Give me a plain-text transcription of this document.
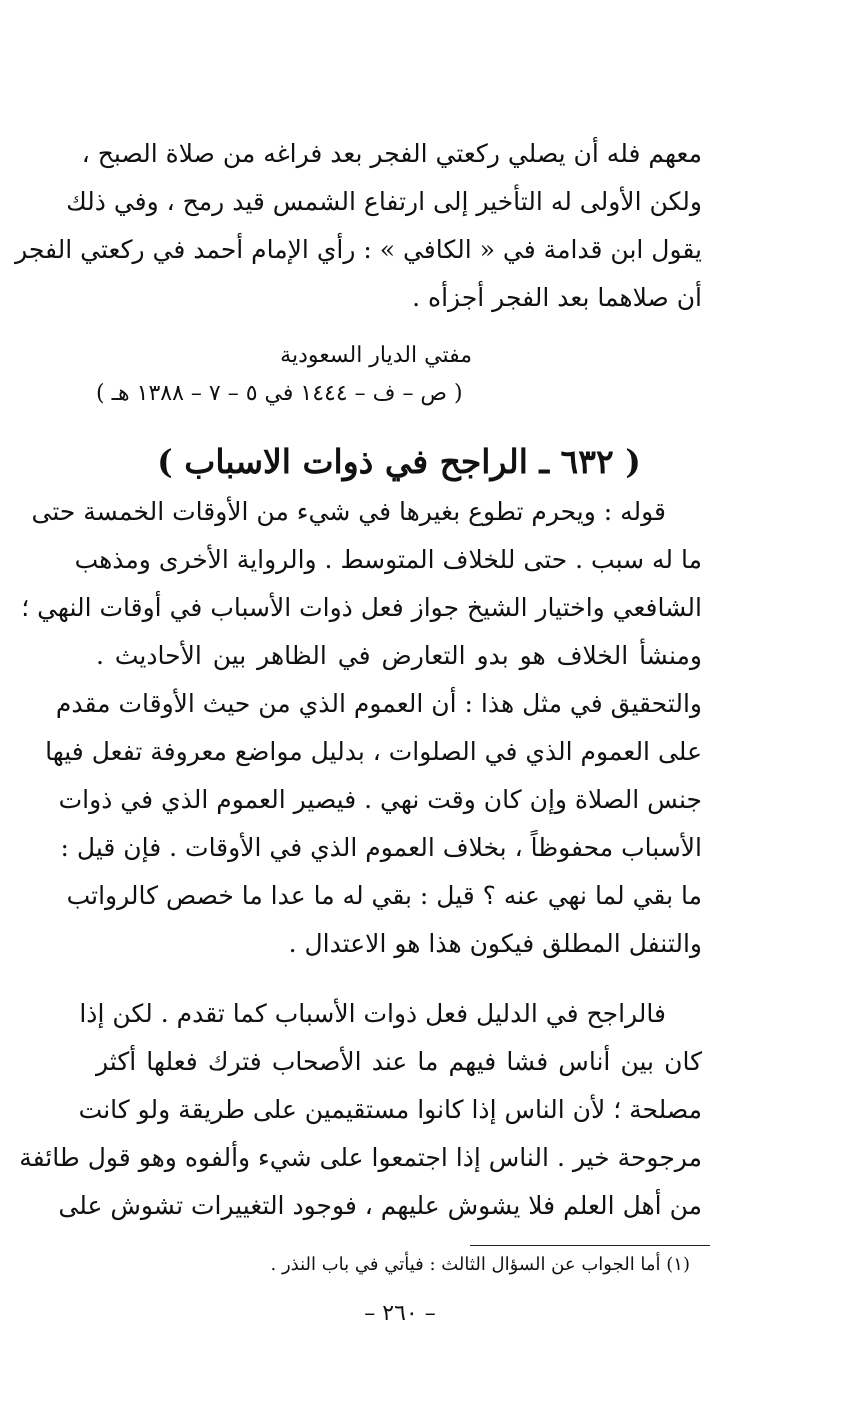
معهم فله أن يصلي ركعتي الفجر بعد فراغه من صلاة الصبح ،
ولكن الأولى له التأخير إلى ارتفاع الشمس قيد رمح ، وفي ذلك
يقول ابن قدامة في « الكافي » : رأي الإمام أحمد في ركعتي الفجر
أن صلاهما بعد الفجر أجزأه .
مفتي الديار السعودية
( ص – ف – ١٤٤٤ في ٥ – ٧ – ١٣٨٨ هـ )
( ٦٣٢ ـ الراجح في ذوات الاسباب )
قوله : ويحرم تطوع بغيرها في شيء من الأوقات الخمسة حتى
ما له سبب . حتى للخلاف المتوسط . والرواية الأخرى ومذهب
الشافعي واختيار الشيخ جواز فعل ذوات الأسباب في أوقات النهي ؛
ومنشأ الخلاف هو بدو التعارض في الظاهر بين الأحاديث .
والتحقيق في مثل هذا : أن العموم الذي من حيث الأوقات مقدم
على العموم الذي في الصلوات ، بدليل مواضع معروفة تفعل فيها
جنس الصلاة وإن كان وقت نهي . فيصير العموم الذي في ذوات
الأسباب محفوظاً ، بخلاف العموم الذي في الأوقات . فإن قيل :
ما بقي لما نهي عنه ؟ قيل : بقي له ما عدا ما خصص كالرواتب
والتنفل المطلق فيكون هذا هو الاعتدال .
فالراجح في الدليل فعل ذوات الأسباب كما تقدم . لكن إذا
كان بين أناس فشا فيهم ما عند الأصحاب فترك فعلها أكثر
مصلحة ؛ لأن الناس إذا كانوا مستقيمين على طريقة ولو كانت
مرجوحة خير . الناس إذا اجتمعوا على شيء وألفوه وهو قول طائفة
من أهل العلم فلا يشوش عليهم ، فوجود التغييرات تشوش على
(١) أما الجواب عن السؤال الثالث : فيأتي في باب النذر .
– ٢٦٠ –
